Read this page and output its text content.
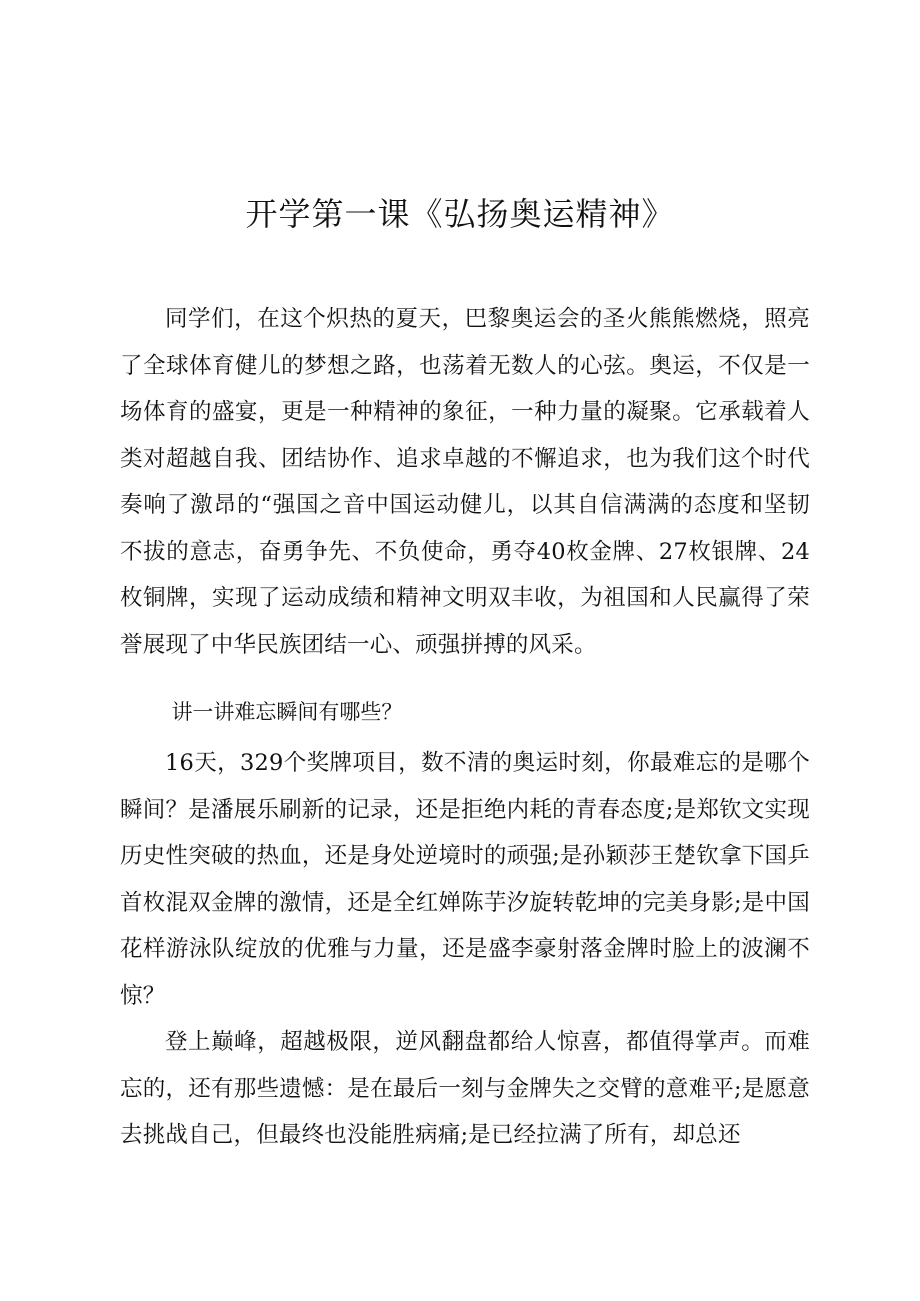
开学第一课《弘扬奥运精神》

同学们，在这个炽热的夏天，巴黎奥运会的圣火熊熊燃烧，照亮了全球体育健儿的梦想之路，也荡着无数人的心弦。奥运，不仅是一场体育的盛宴，更是一种精神的象征，一种力量的凝聚。它承载着人类对超越自我、团结协作、追求卓越的不懈追求，也为我们这个时代奏响了激昂的“强国之音中国运动健儿，以其自信满满的态度和坚韧不拔的意志，奋勇争先、不负使命，勇夺40枚金牌、27枚银牌、24枚铜牌，实现了运动成绩和精神文明双丰收，为祖国和人民赢得了荣誉展现了中华民族团结一心、顽强拼搏的风采。

讲一讲难忘瞬间有哪些？

16天，329个奖牌项目，数不清的奥运时刻，你最难忘的是哪个瞬间？是潘展乐刷新的记录，还是拒绝内耗的青春态度;是郑钦文实现历史性突破的热血，还是身处逆境时的顽强;是孙颖莎王楚钦拿下国乒首枚混双金牌的激情，还是全红婵陈芋汐旋转乾坤的完美身影;是中国花样游泳队绽放的优雅与力量，还是盛李豪射落金牌时脸上的波澜不惊？

登上巅峰，超越极限，逆风翻盘都给人惊喜，都值得掌声。而难忘的，还有那些遗憾：是在最后一刻与金牌失之交臂的意难平;是愿意去挑战自己，但最终也没能胜病痛;是已经拉满了所有，却总还
